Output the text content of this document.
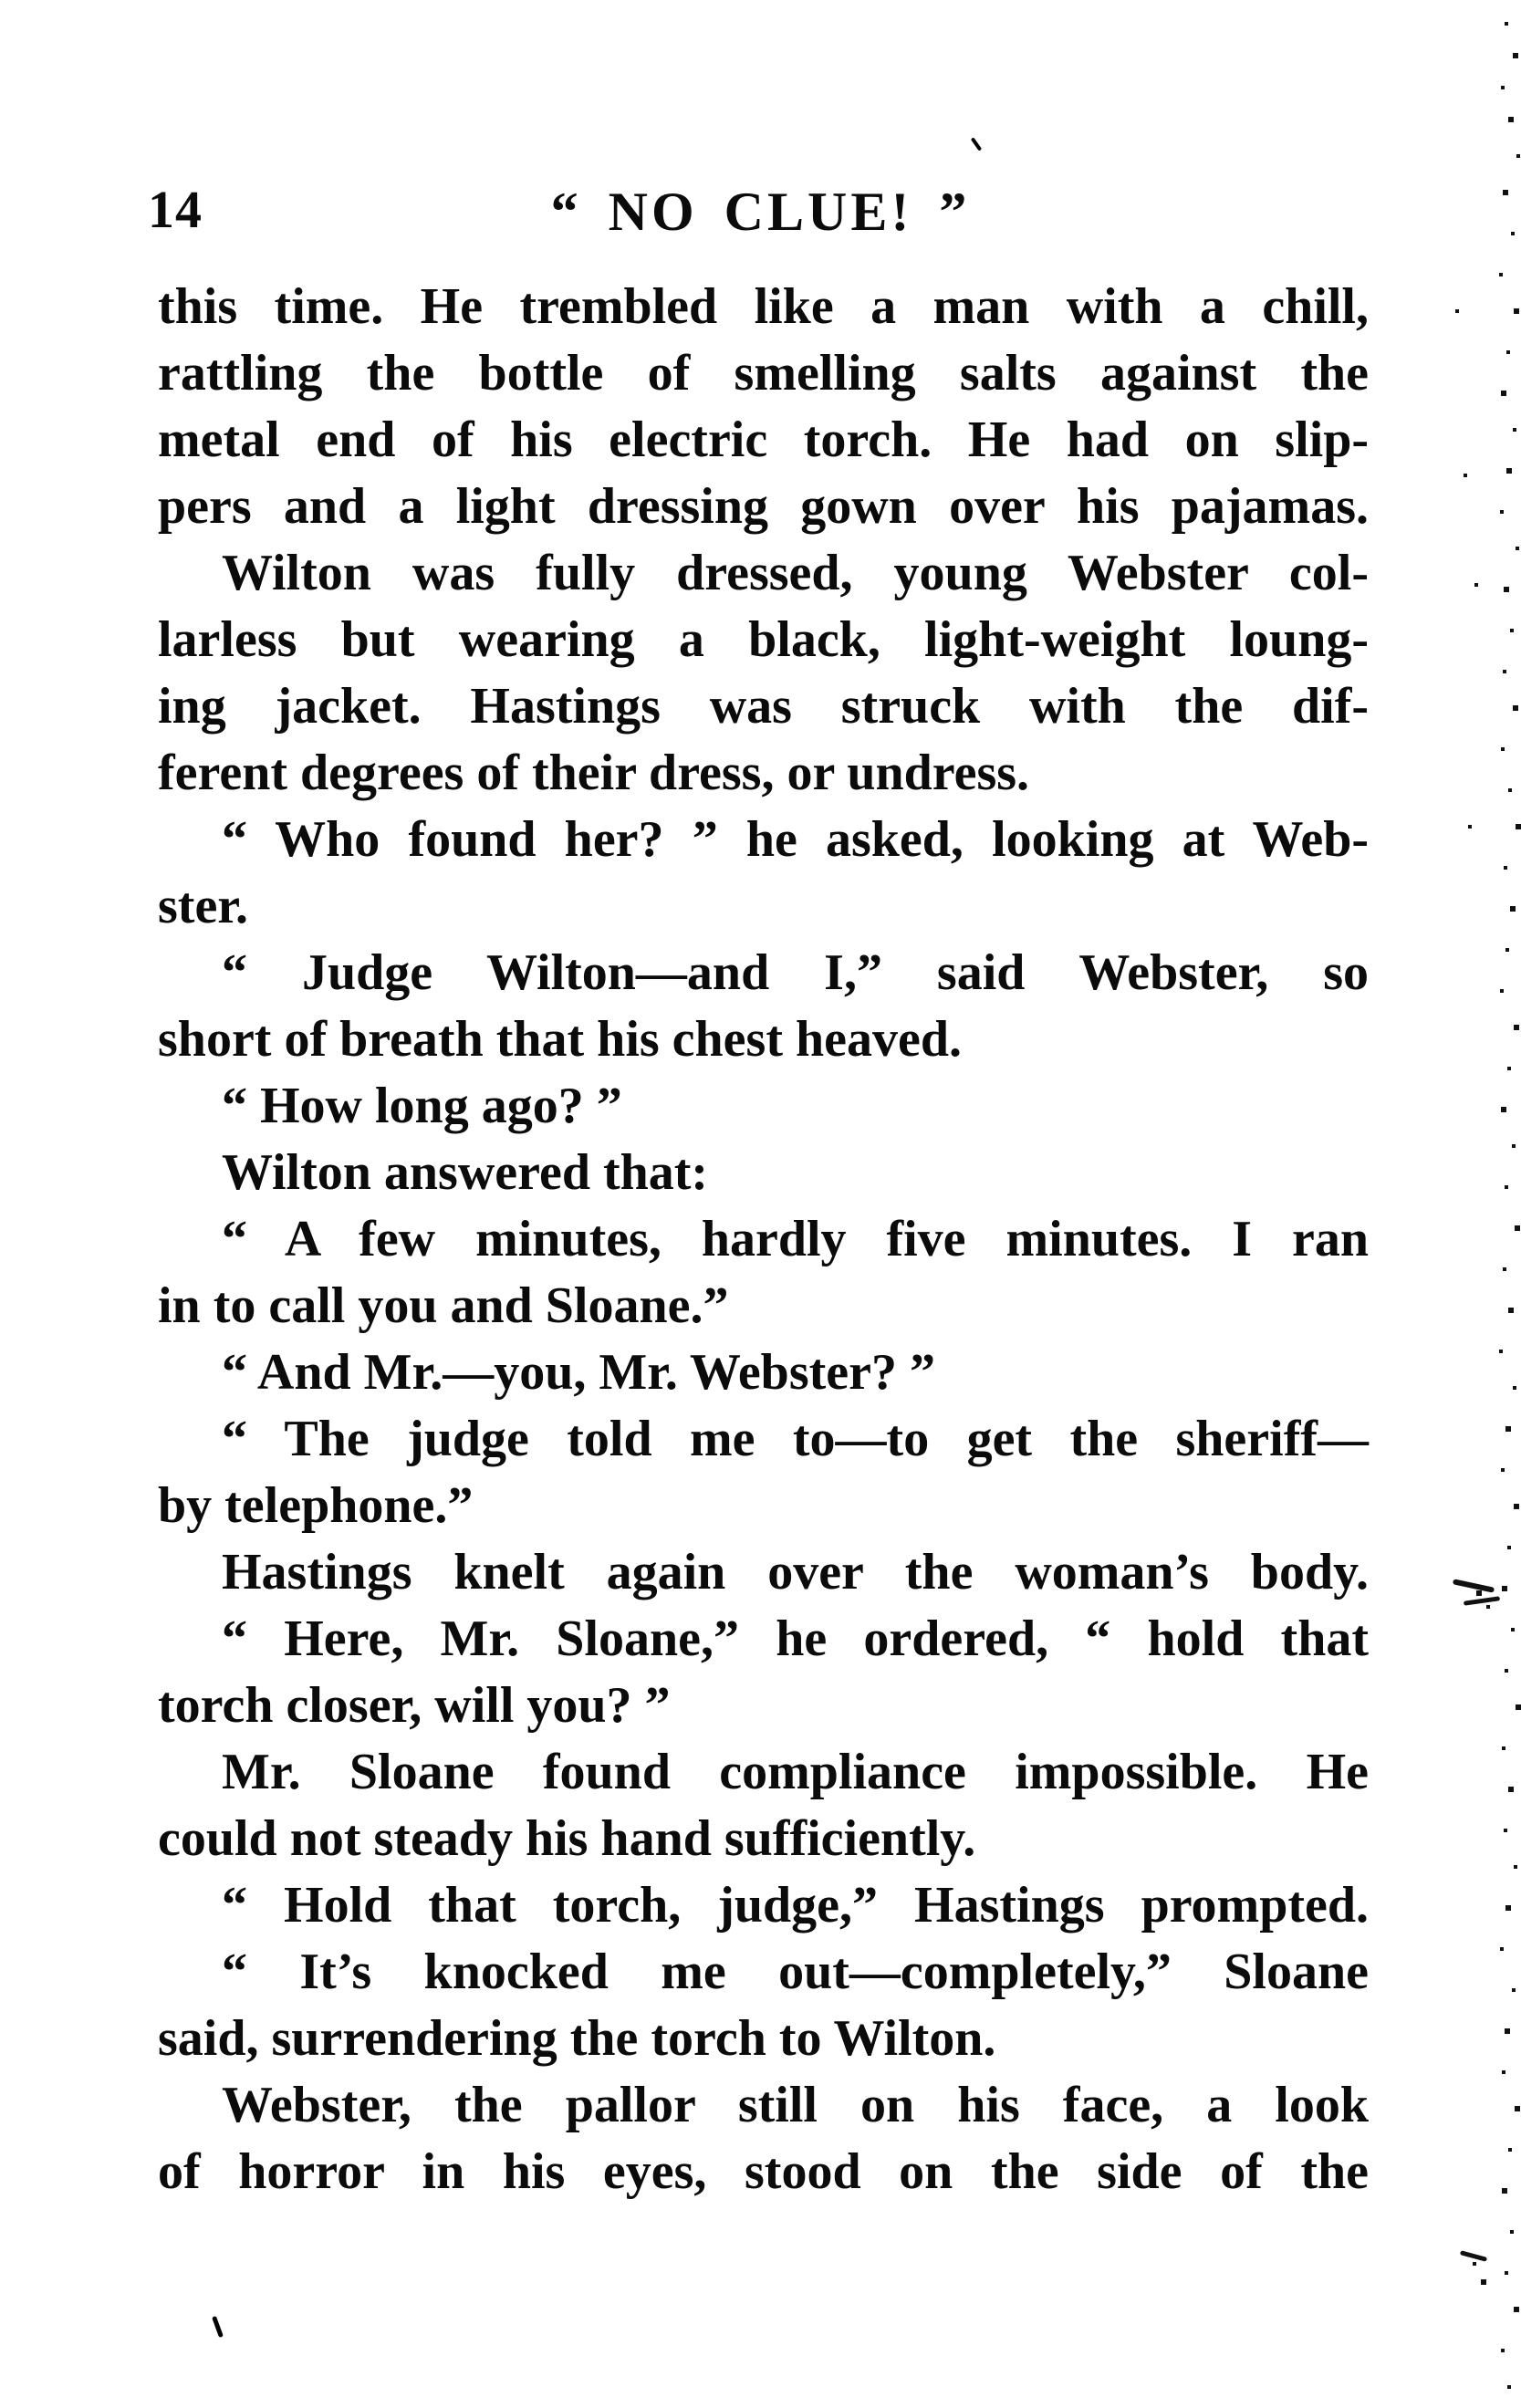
14	“ NO CLUE! ”
this time. He trembled like a man with a chill,
rattling the bottle of smelling salts against the
metal end of his electric torch. He had on slip-
pers and a light dressing gown over his pajamas.
Wilton was fully dressed, young Webster col-
larless but wearing a black, light-weight loung-
ing jacket. Hastings was struck with the dif-
ferent degrees of their dress, or undress.
“ Who found her? ” he asked, looking at Web-
ster.
“ Judge Wilton—and I,” said Webster, so
short of breath that his chest heaved.
“ How long ago? ”
Wilton answered that:
“ A few minutes, hardly five minutes. I ran
in to call you and Sloane.”
“ And Mr.—you, Mr. Webster? ”
“ The judge told me to—to get the sheriff—
by telephone.”
Hastings knelt again over the woman’s body.
“ Here, Mr. Sloane,” he ordered, “ hold that
torch closer, will you? ”
Mr. Sloane found compliance impossible. He
could not steady his hand sufficiently.
“ Hold that torch, judge,” Hastings prompted.
“ It’s knocked me out—completely,” Sloane
said, surrendering the torch to Wilton.
Webster, the pallor still on his face, a look
of horror in his eyes, stood on the side of the
